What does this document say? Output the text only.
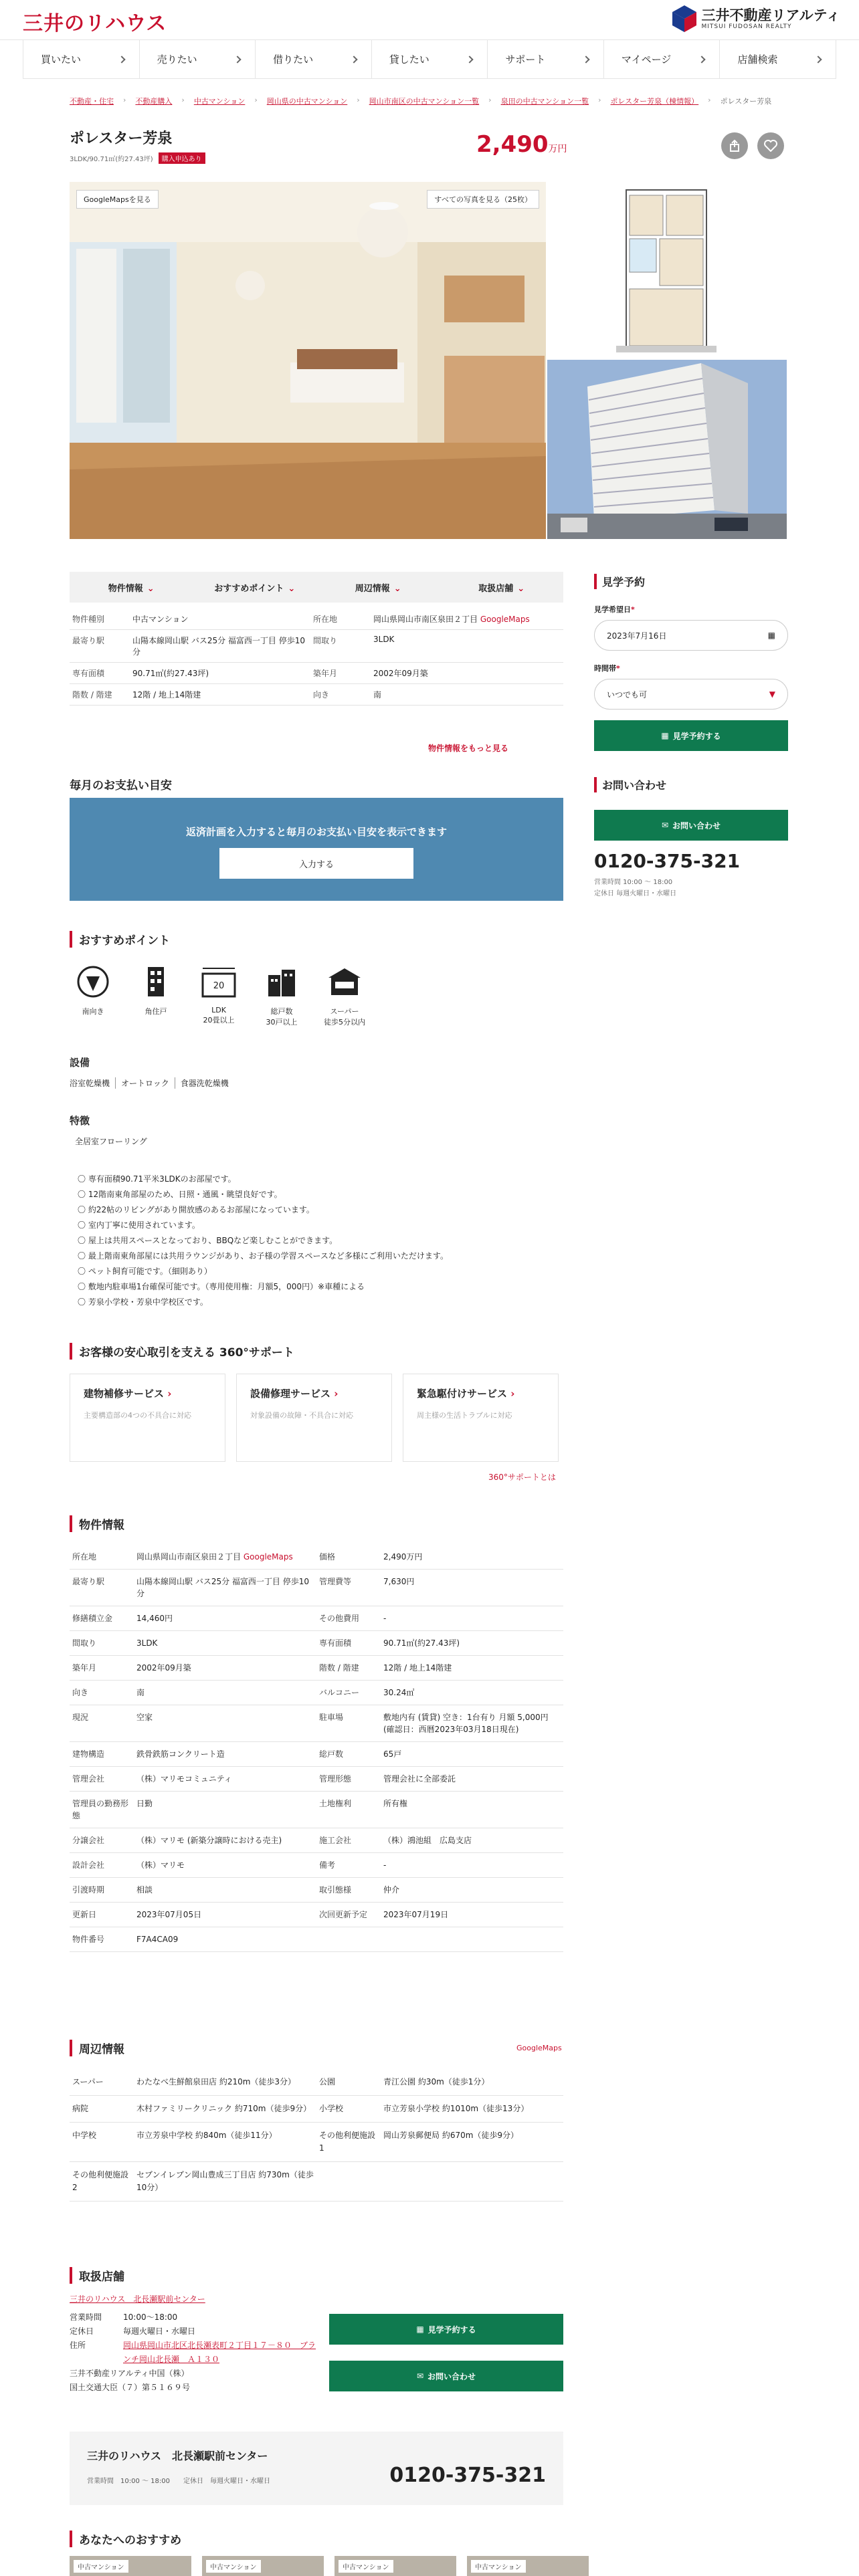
三井のリハウス	三井不動産リアルティ
MITSUI FUDOSAN REALTY
買いたい	売りたい	借りたい	貸したい	サポート	マイページ	店舗検索
不動産・住宅 › 不動産購入 › 中古マンション › 岡山県の中古マンション › 岡山市南区の中古マンション一覧 › 泉田の中古マンション一覧 › ポレスター芳泉（棟情報） › ポレスター芳泉
ポレスター芳泉
3LDK/90.71㎡(約27.43坪)	購入申込あり
2,490万円
GoogleMapsを見る	すべての写真を見る（25枚）
物件情報 ⌄	おすすめポイント ⌄	周辺情報 ⌄	取扱店舗 ⌄
物件種別	中古マンション	所在地	岡山県岡山市南区泉田２丁目 GoogleMaps
最寄り駅	山陽本線岡山駅 バス25分 福富西一丁目 停歩10分	間取り	3LDK
専有面積	90.71㎡(約27.43坪)	築年月	2002年09月築
階数 / 階建	12階 / 地上14階建	向き	南
物件情報をもっと見る
毎月のお支払い目安
返済計画を入力すると毎月のお支払い目安を表示できます
入力する
おすすめポイント
南向き	角住戸
20
LDK
20畳以上
総戸数
30戸以上
スーパー
徒歩5分以内
設備
浴室乾燥機	オートロック	食器洗乾燥機
特徴
全居室フローリング
〇 専有面積90.71平米3LDKのお部屋です。
〇 12階南東角部屋のため、日照・通風・眺望良好です。
〇 約22帖のリビングがあり開放感のあるお部屋になっています。
〇 室内丁寧に使用されています。
〇 屋上は共用スペースとなっており、BBQなど楽しむことができます。
〇 最上階南東角部屋には共用ラウンジがあり、お子様の学習スペースなど多様にご利用いただけます。
〇 ペット飼育可能です。（細則あり）
〇 敷地内駐車場1台確保可能です。（専用使用権：月額5，000円）※車種による
〇 芳泉小学校・芳泉中学校区です。
お客様の安心取引を支える 360°サポート
建物補修サービス ›
主要構造部の4つの不具合に対応
設備修理サービス ›
対象設備の故障・不具合に対応
緊急駆付けサービス ›
周主様の生活トラブルに対応
360°サポートとは
物件情報
所在地	岡山県岡山市南区泉田２丁目 GoogleMaps	価格	2,490万円
最寄り駅	山陽本線岡山駅 バス25分 福富西一丁目 停歩10分	管理費等	7,630円
修繕積立金	14,460円	その他費用	-
間取り	3LDK	専有面積	90.71㎡(約27.43坪)
築年月	2002年09月築	階数 / 階建	12階 / 地上14階建
向き	南	バルコニー	30.24㎡
現況	空家	駐車場	敷地内有 (賃貸) 空き：1台有り 月額 5,000円 (確認日：西暦2023年03月18日現在)
建物構造	鉄骨鉄筋コンクリート造	総戸数	65戸
管理会社	（株）マリモコミュニティ	管理形態	管理会社に全部委託
管理員の勤務形態	日勤	土地権利	所有権
分譲会社	（株）マリモ (新築分譲時における売主)	施工会社	（株）鴻池組　広島支店
設計会社	（株）マリモ	備考	-
引渡時期	相談	取引態様	仲介
更新日	2023年07月05日	次回更新予定	2023年07月19日
物件番号	F7A4CA09		
周辺情報	GoogleMaps
スーパー	わたなべ生鮮館泉田店 約210m（徒歩3分）	公園	青江公園 約30m（徒歩1分）
病院	木村ファミリークリニック 約710m（徒歩9分）	小学校	市立芳泉小学校 約1010m（徒歩13分）
中学校	市立芳泉中学校 約840m（徒歩11分）	その他利便施設1	岡山芳泉郵便局 約670m（徒歩9分）
その他利便施設2	セブンイレブン岡山豊成三丁目店 約730m（徒歩10分）		
取扱店舗
三井のリハウス　北長瀬駅前センター
営業時間	10:00～18:00
定休日	毎週火曜日・水曜日
住所	岡山県岡山市北区北長瀬表町２丁目１７－８０　ブランチ岡山北長瀬　Ａ１３０
三井不動産リアルティ中国（株）
国土交通大臣（７）第５１６９号
▦ 見学予約する
✉ お問い合わせ
三井のリハウス　北長瀬駅前センター
営業時間　10:00 ～ 18:00　　 定休日　毎週火曜日・水曜日	0120-375-321
あなたへのおすすめ
中古マンション	中古マンション	中古マンション	中古マンション
見学予約
見学希望日*
2023年7月16日	▦
時間帯*
いつでも可	▼
▦ 見学予約する
お問い合わせ
✉ お問い合わせ
0120-375-321
営業時間 10:00 ～ 18:00
定休日 毎週火曜日・水曜日
